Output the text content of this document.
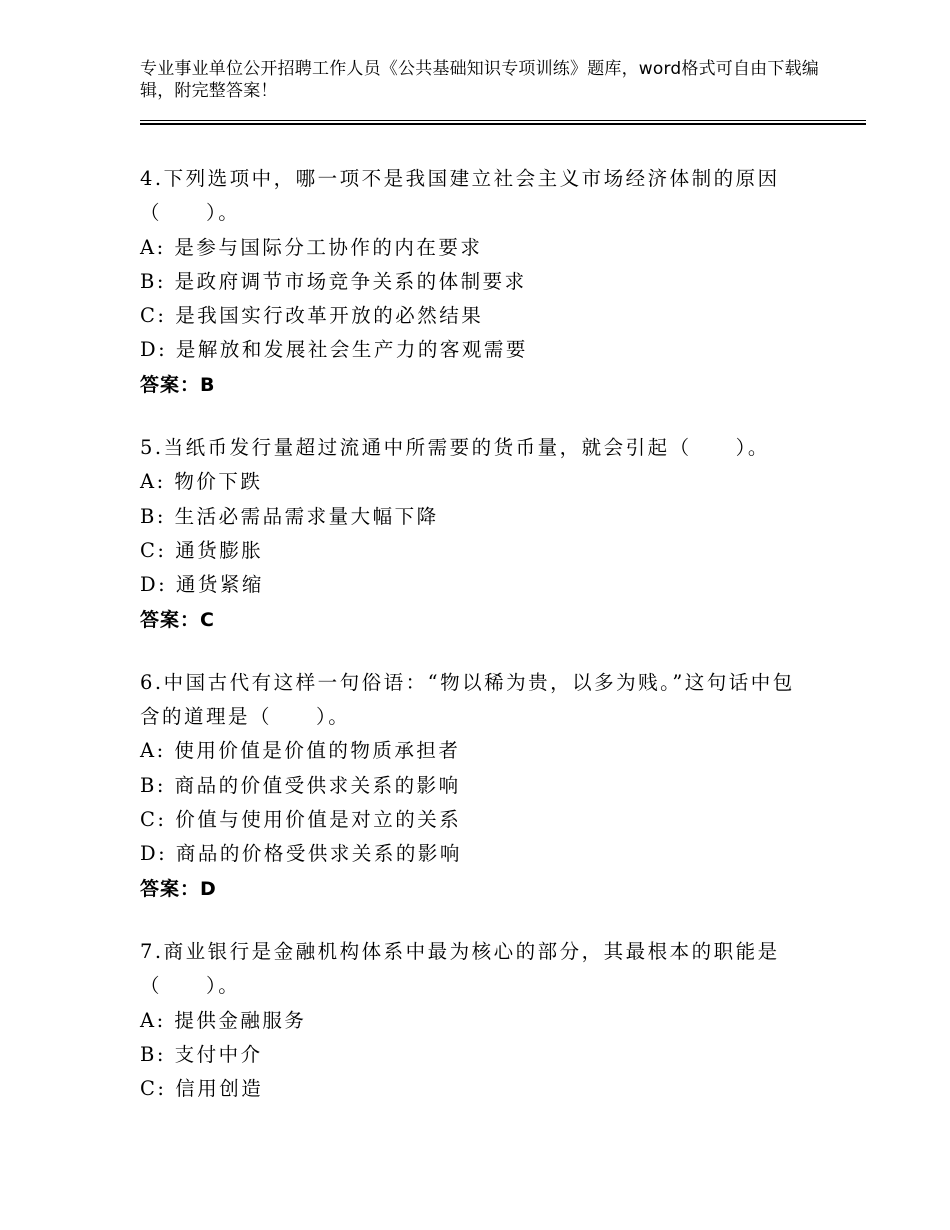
专业事业单位公开招聘工作人员《公共基础知识专项训练》题库，word格式可自由下载编辑，附完整答案！
4.下列选项中，哪一项不是我国建立社会主义市场经济体制的原因（　　）。
A: 是参与国际分工协作的内在要求
B: 是政府调节市场竞争关系的体制要求
C: 是我国实行改革开放的必然结果
D: 是解放和发展社会生产力的客观需要
答案：B
5.当纸币发行量超过流通中所需要的货币量，就会引起（　　）。
A: 物价下跌
B: 生活必需品需求量大幅下降
C: 通货膨胀
D: 通货紧缩
答案：C
6.中国古代有这样一句俗语：“物以稀为贵，以多为贱。”这句话中包含的道理是（　　）。
A: 使用价值是价值的物质承担者
B: 商品的价值受供求关系的影响
C: 价值与使用价值是对立的关系
D: 商品的价格受供求关系的影响
答案：D
7.商业银行是金融机构体系中最为核心的部分，其最根本的职能是（　　）。
A: 提供金融服务
B: 支付中介
C: 信用创造
